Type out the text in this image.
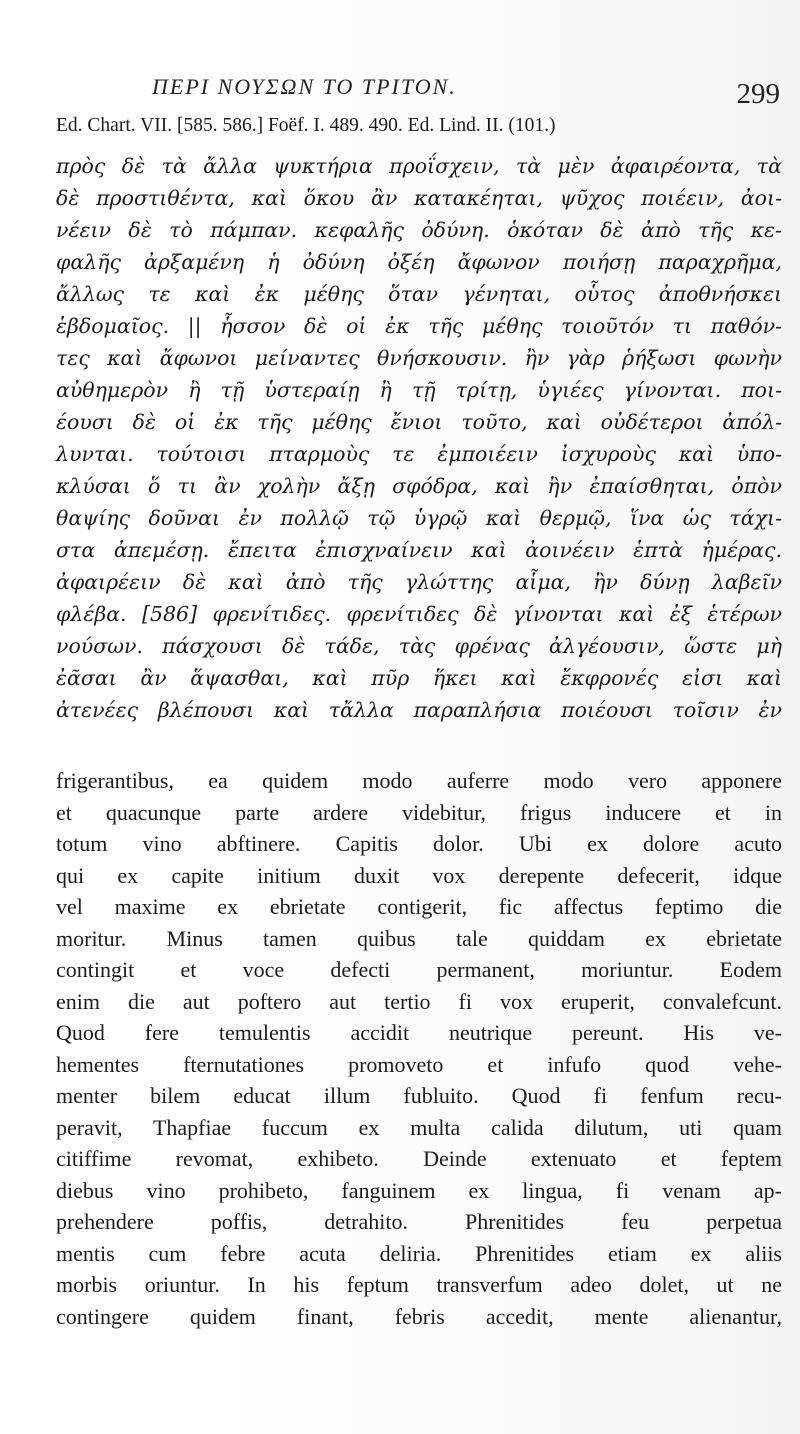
ΠΕΡΙ ΝΟΥΣΩΝ ΤΟ ΤΡΙΤΟΝ.	299
Ed. Chart. VII. [585. 586.] Foëf. I. 489. 490. Ed. Lind. II. (101.)
πρὸς δὲ τὰ ἄλλα ψυκτήρια προΐσχειν, τὰ μὲν ἀφαιρέοντα, τὰ
δὲ προστιθέντα, καὶ ὅκου ἂν κατακέηται, ψῦχος ποιέειν, ἀοι-
νέειν δὲ τὸ πάμπαν. κεφαλῆς ὀδύνη. ὁκόταν δὲ ἀπὸ τῆς κε-
φαλῆς ἀρξαμένη ἡ ὀδύνη ὀξέη ἄφωνον ποιήσῃ παραχρῆμα,
ἄλλως τε καὶ ἐκ μέθης ὅταν γένηται, οὗτος ἀποθνήσκει
ἑβδομαῖος. || ἧσσον δὲ οἱ ἐκ τῆς μέθης τοιοῦτόν τι παθόν-
τες καὶ ἄφωνοι μείναντες θνήσκουσιν. ἢν γὰρ ῥήξωσι φωνὴν
αὐθημερὸν ἢ τῇ ὑστεραίῃ ἢ τῇ τρίτῃ, ὑγιέες γίνονται. ποι-
έουσι δὲ οἱ ἐκ τῆς μέθης ἔνιοι τοῦτο, καὶ οὐδέτεροι ἀπόλ-
λυνται. τούτοισι πταρμοὺς τε ἐμποιέειν ἰσχυροὺς καὶ ὑπο-
κλύσαι ὅ τι ἂν χολὴν ἄξῃ σφόδρα, καὶ ἢν ἐπαίσθηται, ὀπὸν
θαψίης δοῦναι ἐν πολλῷ τῷ ὑγρῷ καὶ θερμῷ, ἵνα ὡς τάχι-
στα ἀπεμέσῃ. ἔπειτα ἐπισχναίνειν καὶ ἀοινέειν ἑπτὰ ἡμέρας.
ἀφαιρέειν δὲ καὶ ἀπὸ τῆς γλώττης αἷμα, ἢν δύνῃ λαβεῖν
φλέβα. [586] φρενίτιδες. φρενίτιδες δὲ γίνονται καὶ ἐξ ἑτέρων
νούσων. πάσχουσι δὲ τάδε, τὰς φρένας ἀλγέουσιν, ὥστε μὴ
ἐᾶσαι ἂν ἅψασθαι, καὶ πῦρ ἥκει καὶ ἔκφρονές εἰσι καὶ
ἀτενέες βλέπουσι καὶ τἄλλα παραπλήσια ποιέουσι τοῖσιν ἐν
frigerantibus, ea quidem modo auferre modo vero apponere
et quacunque parte ardere videbitur, frigus inducere et in
totum vino abftinere. Capitis dolor. Ubi ex dolore acuto
qui ex capite initium duxit vox derepente defecerit, idque
vel maxime ex ebrietate contigerit, fic affectus feptimo die
moritur. Minus tamen quibus tale quiddam ex ebrietate
contingit et voce defecti permanent, moriuntur. Eodem
enim die aut poftero aut tertio fi vox eruperit, convalefcunt.
Quod fere temulentis accidit neutrique pereunt. His ve-
hementes fternutationes promoveto et infufo quod vehe-
menter bilem educat illum fubluito. Quod fi fenfum recu-
peravit, Thapfiae fuccum ex multa calida dilutum, uti quam
citiffime revomat, exhibeto. Deinde extenuato et feptem
diebus vino prohibeto, fanguinem ex lingua, fi venam ap-
prehendere poffis, detrahito. Phrenitides feu perpetua
mentis cum febre acuta deliria. Phrenitides etiam ex aliis
morbis oriuntur. In his feptum transverfum adeo dolet, ut ne
contingere quidem finant, febris accedit, mente alienantur,
